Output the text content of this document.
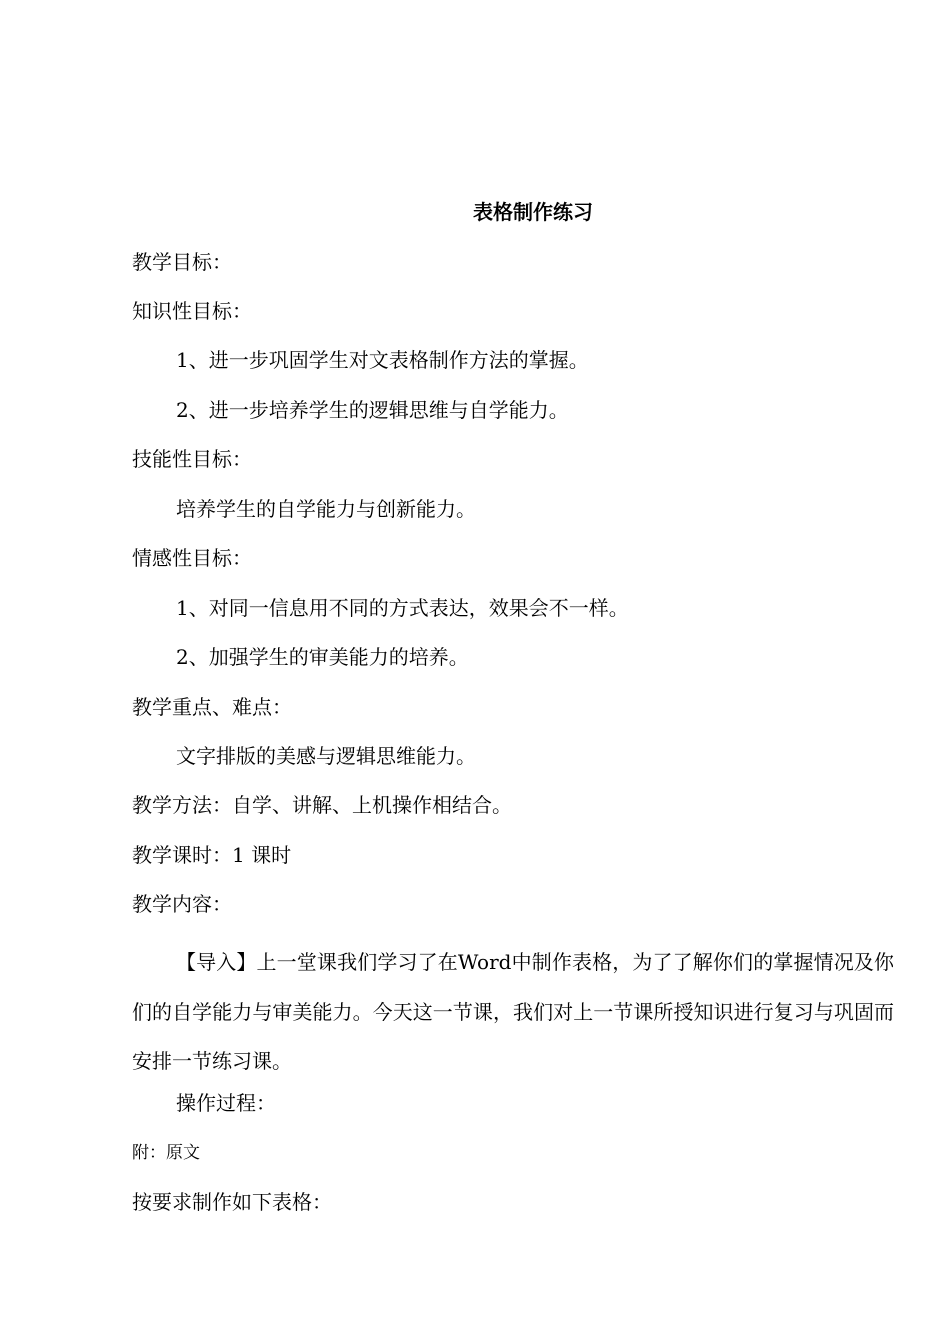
表格制作练习

教学目标：

知识性目标：

1、进一步巩固学生对文表格制作方法的掌握。

2、进一步培养学生的逻辑思维与自学能力。

技能性目标：

培养学生的自学能力与创新能力。

情感性目标：

1、对同一信息用不同的方式表达，效果会不一样。

2、加强学生的审美能力的培养。

教学重点、难点：

文字排版的美感与逻辑思维能力。

教学方法：自学、讲解、上机操作相结合。

教学课时：1 课时

教学内容：

【导入】上一堂课我们学习了在Word中制作表格，为了了解你们的掌握情况及你们的自学能力与审美能力。今天这一节课，我们对上一节课所授知识进行复习与巩固而安排一节练习课。

操作过程：

附：原文

按要求制作如下表格：
